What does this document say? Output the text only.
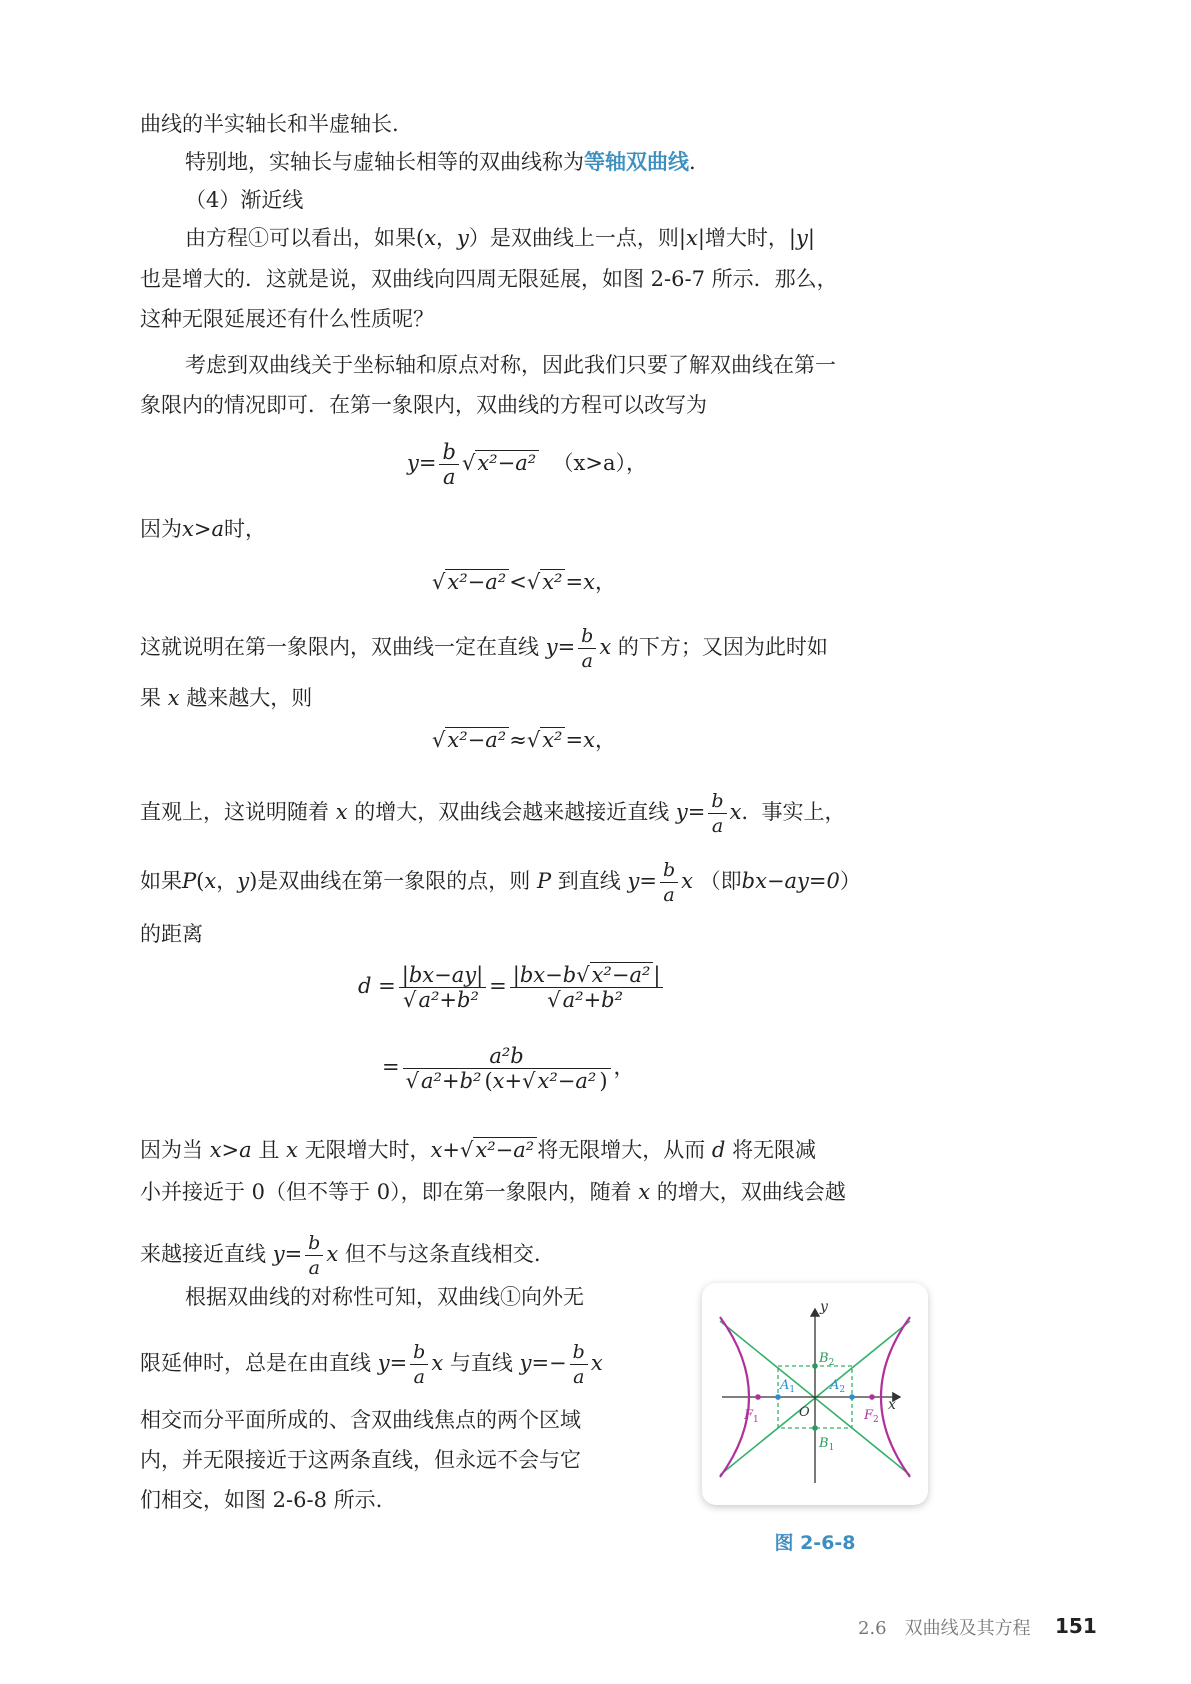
曲线的半实轴长和半虚轴长.
特别地，实轴长与虚轴长相等的双曲线称为等轴双曲线.
（4）渐近线
由方程①可以看出，如果(x，y）是双曲线上一点，则|x|增大时，|y|
也是增大的．这就是说，双曲线向四周无限延展，如图 2-6-7 所示．那么，
这种无限延展还有什么性质呢？
考虑到双曲线关于坐标轴和原点对称，因此我们只要了解双曲线在第一
象限内的情况即可．在第一象限内，双曲线的方程可以改写为
$y= \frac{b}{a}$ √ x²−a² （x>a），
因为x>a时，
√ x²−a² < √ x² =x，
这就说明在第一象限内，双曲线一定在直线 $y= \frac{b}{a}$ x 的下方；又因为此时如
果 x 越来越大，则
√ x²−a² ≈ √ x² =x，
直观上，这说明随着 x 的增大，双曲线会越来越接近直线 $y= \frac{b}{a} x$. 事实上，
如果P(x，y)是双曲线在第一象限的点，则 P 到直线 $y= \frac{b}{a}$ x （即bx−ay=0）
的距离
d = |bx−ay|
√ a²+b² = |bx−b √ x²−a² |
√ a²+b²
= a²b
√ a²+b² (x+ √ x²−a² ) ，
因为当 x>a 且 x 无限增大时，x+ √ x²−a² 将无限增大，从而 d 将无限减
小并接近于 0（但不等于 0），即在第一象限内，随着 x 的增大，双曲线会越
来越接近直线 $y= \frac{b}{a}$ x 但不与这条直线相交.
根据双曲线的对称性可知，双曲线①向外无
限延伸时，总是在由直线 $y= \frac{b}{a}$ x 与直线 $y=- \frac{b}{a}$ x
相交而分平面所成的、含双曲线焦点的两个区域
内，并无限接近于这两条直线，但永远不会与它
们相交，如图 2-6-8 所示.
y
x
O
$B_2$
$B_1$
$A_1$	$A_2$
$F_1$	$F_2$
图 2-6-8
2.6　双曲线及其方程 151
